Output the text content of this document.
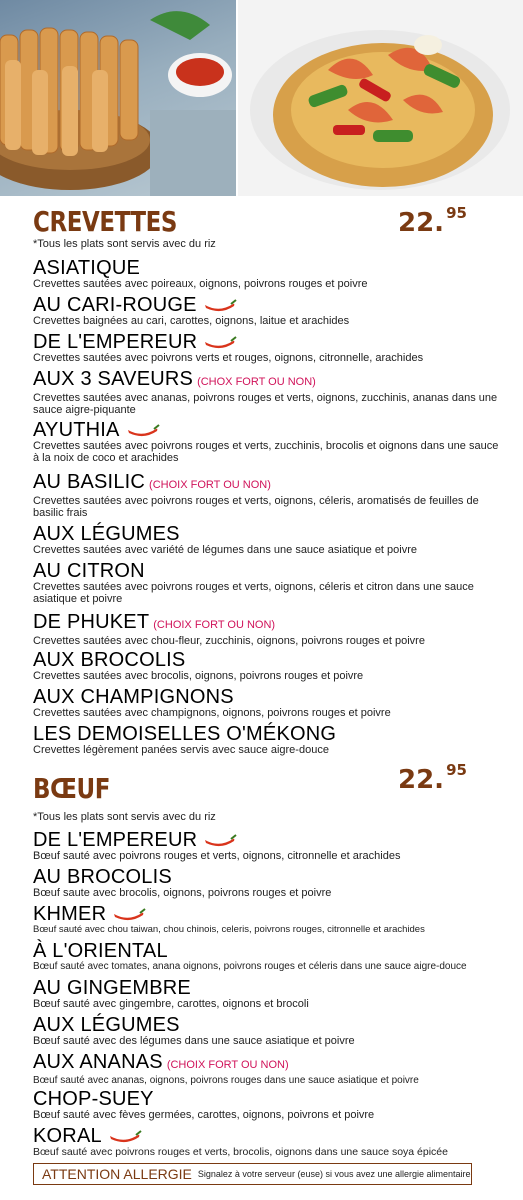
CREVETTES	22. 95
*Tous les plats sont servis avec du riz
ASIATIQUE
Crevettes sautées avec poireaux, oignons, poivrons rouges et poivre
AU CARI-ROUGE
Crevettes baignées au cari, carottes, oignons, laitue et arachides
DE L'EMPEREUR
Crevettes sautées avec poivrons verts et rouges, oignons, citronnelle, arachides
AUX 3 SAVEURS (CHOX FORT OU NON)
Crevettes sautées avec ananas, poivrons rouges et verts, oignons, zucchinis, ananas dans une sauce aigre-piquante
AYUTHIA
Crevettes sautées avec poivrons rouges et verts, zucchinis, brocolis et oignons dans une sauce à la noix de coco et arachides
AU BASILIC (CHOIX FORT OU NON)
Crevettes sautées avec poivrons rouges et verts, oignons, céleris, aromatisés de feuilles de basilic frais
AUX LÉGUMES
Crevettes sautées avec variété de légumes dans une sauce asiatique et poivre
AU CITRON
Crevettes sautées avec poivrons rouges et verts, oignons, céleris et citron dans une sauce asiatique et poivre
DE PHUKET (CHOIX FORT OU NON)
Crevettes sautées avec chou-fleur, zucchinis, oignons, poivrons rouges et poivre
AUX BROCOLIS
Crevettes sautées avec brocolis, oignons, poivrons rouges et poivre
AUX CHAMPIGNONS
Crevettes sautées avec champignons, oignons, poivrons rouges et poivre
LES DEMOISELLES O'MÉKONG
Crevettes légèrement panées servis avec sauce aigre-douce
BŒUF	22. 95
*Tous les plats sont servis avec du riz
DE L'EMPEREUR
Bœuf sauté avec poivrons rouges et verts, oignons, citronnelle et arachides
AU BROCOLIS
Bœuf saute avec brocolis, oignons, poivrons rouges et poivre
KHMER
Bœuf sauté avec chou taiwan, chou chinois, celeris, poivrons rouges, citronnelle et arachides
À L'ORIENTAL
Bœuf sauté avec tomates, anana oignons, poivrons rouges et céleris dans une sauce aigre-douce
AU GINGEMBRE
Bœuf sauté avec gingembre, carottes, oignons et brocoli
AUX LÉGUMES
Bœuf sauté avec des légumes dans une sauce asiatique et poivre
AUX ANANAS (CHOIX FORT OU NON)
Bœuf sauté avec ananas, oignons, poivrons rouges dans une sauce asiatique et poivre
CHOP-SUEY
Bœuf sauté avec fèves germées, carottes, oignons, poivrons et poivre
KORAL
Bœuf sauté avec poivrons rouges et verts, brocolis, oignons dans une sauce soya épicée
ATTENTION ALLERGIE Signalez à votre serveur (euse) si vous avez une allergie alimentaire
